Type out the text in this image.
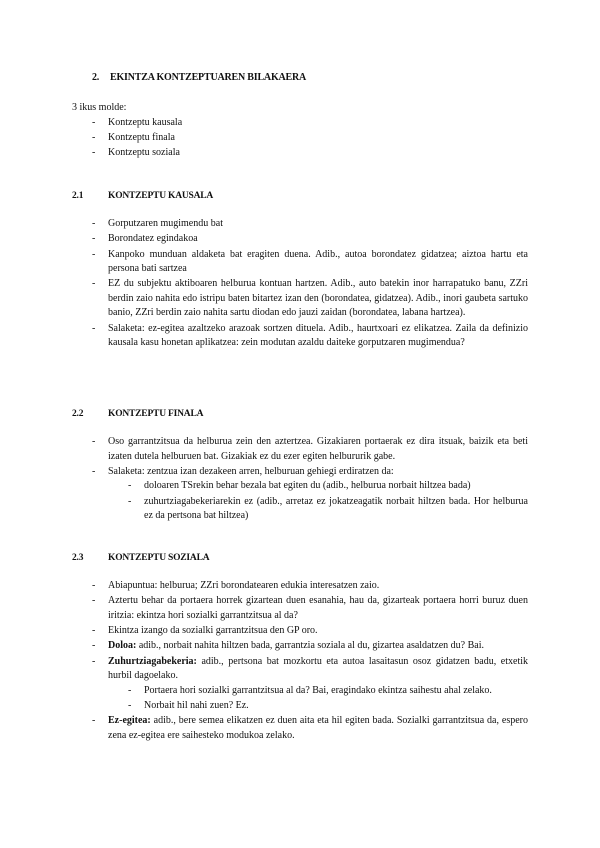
2. EKINTZA KONTZEPTUAREN BILAKAERA
3 ikus molde:
- Kontzeptu kausala
- Kontzeptu finala
- Kontzeptu soziala
2.1	KONTZEPTU KAUSALA
- Gorputzaren mugimendu bat
- Borondatez egindakoa
- Kanpoko munduan aldaketa bat eragiten duena. Adib., autoa borondatez gidatzea; aiztoa hartu eta persona bati sartzea
- EZ du subjektu aktiboaren helburua kontuan hartzen. Adib., auto batekin inor harrapatuko banu, ZZri berdin zaio nahita edo istripu baten bitartez izan den (borondatea, gidatzea). Adib., inori gaubeta sartuko banio, ZZri berdin zaio nahita sartu diodan edo jauzi zaidan (borondatea, labana hartzea).
- Salaketa: ez-egitea azaltzeko arazoak sortzen dituela. Adib., haurtxoari ez elikatzea. Zaila da definizio kausala kasu honetan aplikatzea: zein modutan azaldu daiteke gorputzaren mugimendua?
2.2	KONTZEPTU FINALA
- Oso garrantzitsua da helburua zein den aztertzea. Gizakiaren portaerak ez dira itsuak, baizik eta beti izaten dutela helburuen bat. Gizakiak ez du ezer egiten helbururik gabe.
- Salaketa: zentzua izan dezakeen arren, helburuan gehiegi erdiratzen da:
- doloaren TSrekin behar bezala bat egiten du (adib., helburua norbait hiltzea bada)
- zuhurtziagabekeriarekin ez (adib., arretaz ez jokatzeagatik norbait hiltzen bada. Hor helburua ez da pertsona bat hiltzea)
2.3	KONTZEPTU SOZIALA
- Abiapuntua: helburua; ZZri borondatearen edukia interesatzen zaio.
- Aztertu behar da portaera horrek gizartean duen esanahia, hau da, gizarteak portaera horri buruz duen iritzia: ekintza hori sozialki garrantzitsua al da?
- Ekintza izango da sozialki garrantzitsua den GP oro.
- Doloa: adib., norbait nahita hiltzen bada, garrantzia soziala al du, gizartea asaldatzen du? Bai.
- Zuhurtziagabekeria: adib., pertsona bat mozkortu eta autoa lasaitasun osoz gidatzen badu, etxetik hurbil dagoelako.
- Portaera hori sozialki garrantzitsua al da? Bai, eragindako ekintza saihestu ahal zelako.
- Norbait hil nahi zuen? Ez.
- Ez-egitea: adib., bere semea elikatzen ez duen aita eta hil egiten bada. Sozialki garrantzitsua da, espero zena ez-egitea ere saihesteko modukoa zelako.
